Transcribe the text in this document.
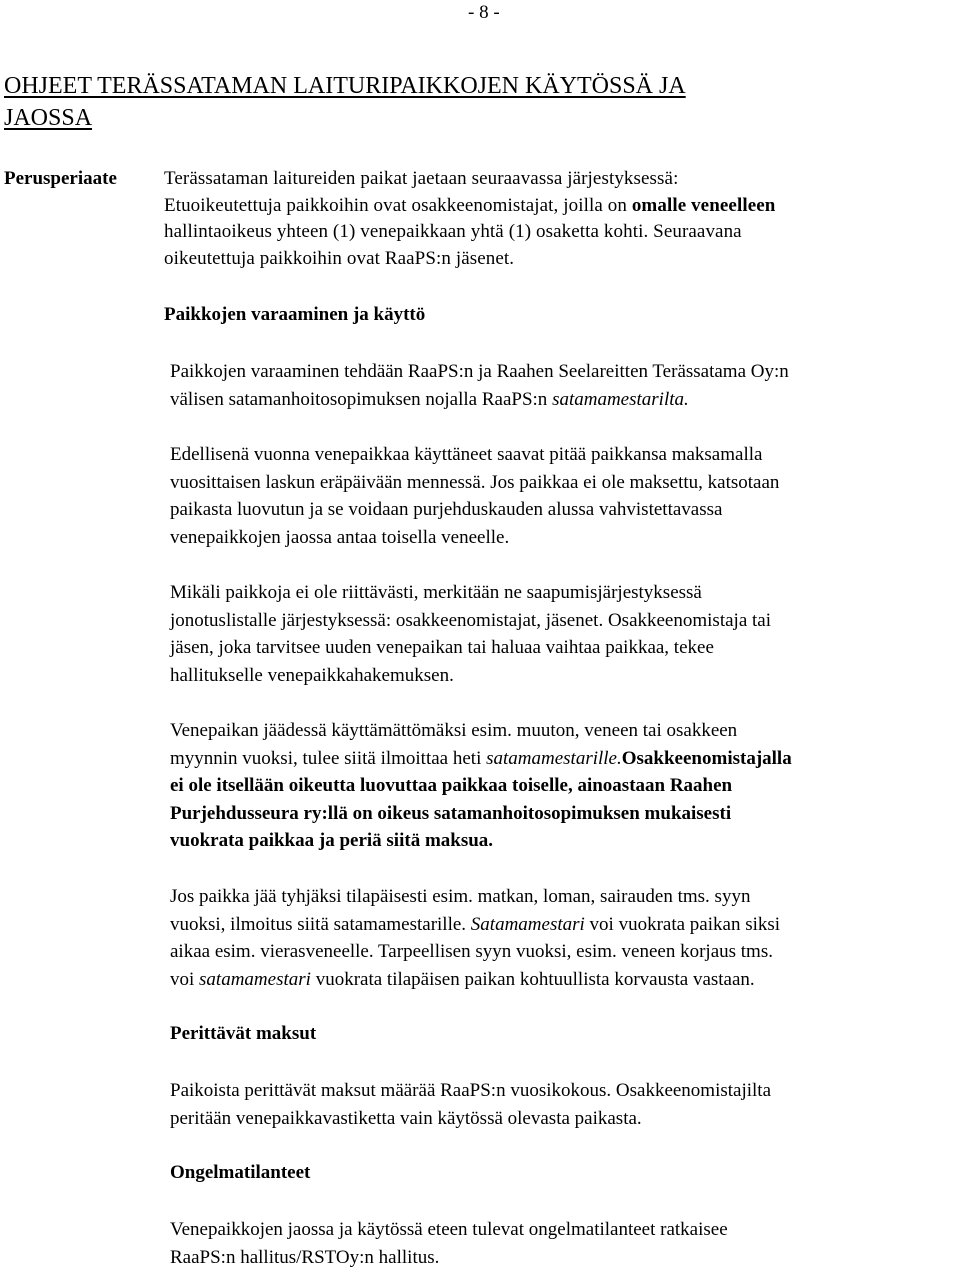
- 8 -
OHJEET TERÄSSATAMAN LAITURIPAIKKOJEN KÄYTÖSSÄ JA
JAOSSA
Perusperiaate Terässataman laitureiden paikat jaetaan seuraavassa järjestyksessä:
Etuoikeutettuja paikkoihin ovat osakkeenomistajat, joilla on omalle veneelleen
hallintaoikeus yhteen (1) venepaikkaan yhtä (1) osaketta kohti. Seuraavana
oikeutettuja paikkoihin ovat RaaPS:n jäsenet.
Paikkojen varaaminen ja käyttö
Paikkojen varaaminen tehdään RaaPS:n ja Raahen Seelareitten Terässatama Oy:n
välisen satamanhoitosopimuksen nojalla RaaPS:n satamamestarilta.
Edellisenä vuonna venepaikkaa käyttäneet saavat pitää paikkansa maksamalla
vuosittaisen laskun eräpäivään mennessä. Jos paikkaa ei ole maksettu, katsotaan
paikasta luovutun ja se voidaan purjehduskauden alussa vahvistettavassa
venepaikkojen jaossa antaa toisella veneelle.
Mikäli paikkoja ei ole riittävästi, merkitään ne saapumisjärjestyksessä
jonotuslistalle järjestyksessä: osakkeenomistajat, jäsenet. Osakkeenomistaja tai
jäsen, joka tarvitsee uuden venepaikan tai haluaa vaihtaa paikkaa, tekee
hallitukselle venepaikkahakemuksen.
Venepaikan jäädessä käyttämättömäksi esim. muuton, veneen tai osakkeen
myynnin vuoksi, tulee siitä ilmoittaa heti satamamestarille.Osakkeenomistajalla
ei ole itsellään oikeutta luovuttaa paikkaa toiselle, ainoastaan Raahen
Purjehdusseura ry:llä on oikeus satamanhoitosopimuksen mukaisesti
vuokrata paikkaa ja periä siitä maksua.
Jos paikka jää tyhjäksi tilapäisesti esim. matkan, loman, sairauden tms. syyn
vuoksi, ilmoitus siitä satamamestarille. Satamamestari voi vuokrata paikan siksi
aikaa esim. vierasveneelle. Tarpeellisen syyn vuoksi, esim. veneen korjaus tms.
voi satamamestari vuokrata tilapäisen paikan kohtuullista korvausta vastaan.
Perittävät maksut
Paikoista perittävät maksut määrää RaaPS:n vuosikokous. Osakkeenomistajilta
peritään venepaikkavastiketta vain käytössä olevasta paikasta.
Ongelmatilanteet
Venepaikkojen jaossa ja käytössä eteen tulevat ongelmatilanteet ratkaisee
RaaPS:n hallitus/RSTOy:n hallitus.
